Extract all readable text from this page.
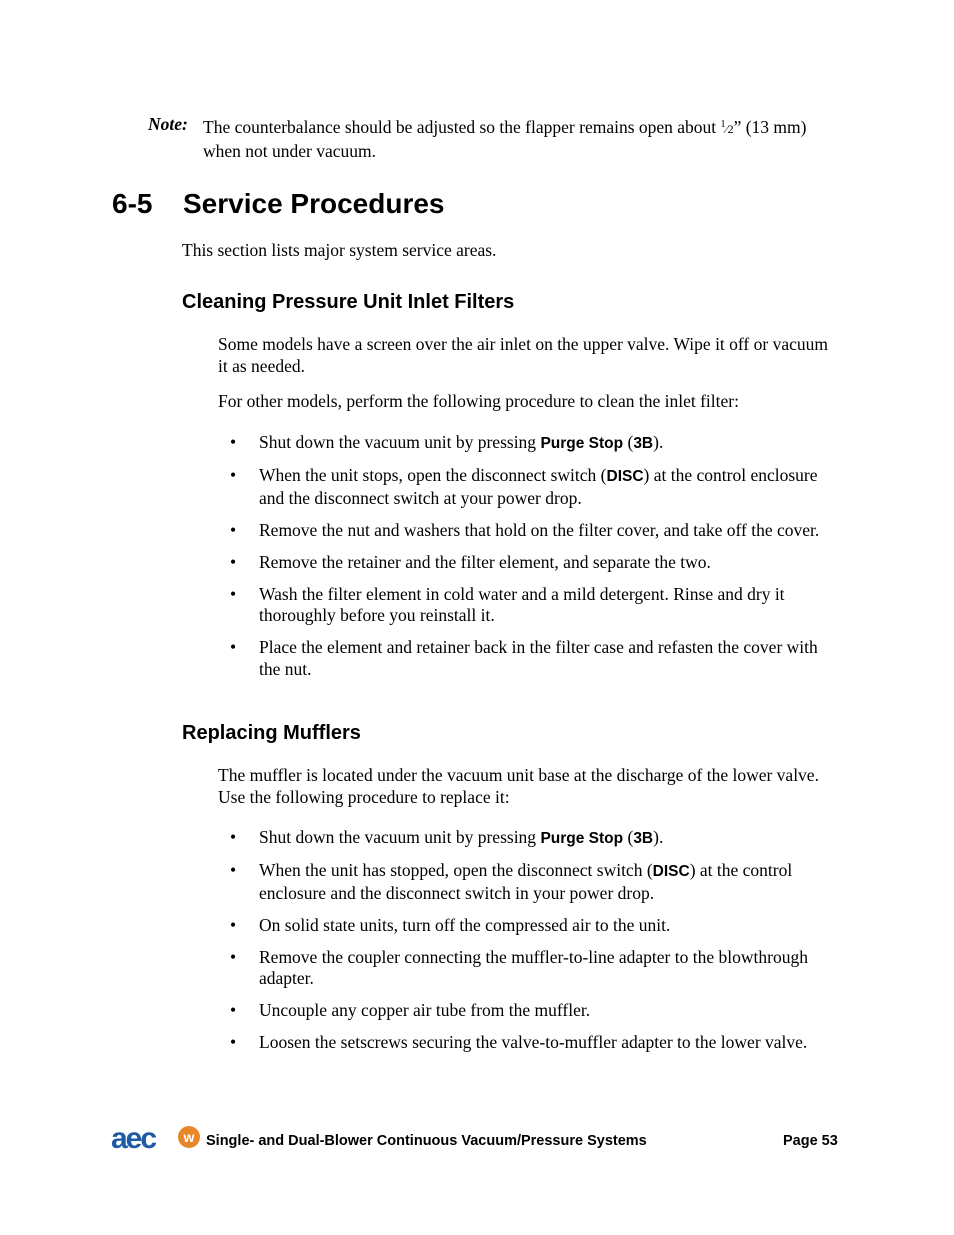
Note: The counterbalance should be adjusted so the flapper remains open about $^1$⁄2” (13 mm) when not under vacuum.
6-5 Service Procedures
This section lists major system service areas.
Cleaning Pressure Unit Inlet Filters
Some models have a screen over the air inlet on the upper valve. Wipe it off or vacuum it as needed.
For other models, perform the following procedure to clean the inlet filter:
• Shut down the vacuum unit by pressing Purge Stop (3B).
• When the unit stops, open the disconnect switch (DISC) at the control enclosure and the disconnect switch at your power drop.
• Remove the nut and washers that hold on the filter cover, and take off the cover.
• Remove the retainer and the filter element, and separate the two.
• Wash the filter element in cold water and a mild detergent. Rinse and dry it thoroughly before you reinstall it.
• Place the element and retainer back in the filter case and refasten the cover with the nut.
Replacing Mufflers
The muffler is located under the vacuum unit base at the discharge of the lower valve. Use the following procedure to replace it:
• Shut down the vacuum unit by pressing Purge Stop (3B).
• When the unit has stopped, open the disconnect switch (DISC) at the control enclosure and the disconnect switch in your power drop.
• On solid state units, turn off the compressed air to the unit.
• Remove the coupler connecting the muffler-to-line adapter to the blowthrough adapter.
• Uncouple any copper air tube from the muffler.
• Loosen the setscrews securing the valve-to-muffler adapter to the lower valve.
aec w Single- and Dual-Blower Continuous Vacuum/Pressure Systems	Page 53
